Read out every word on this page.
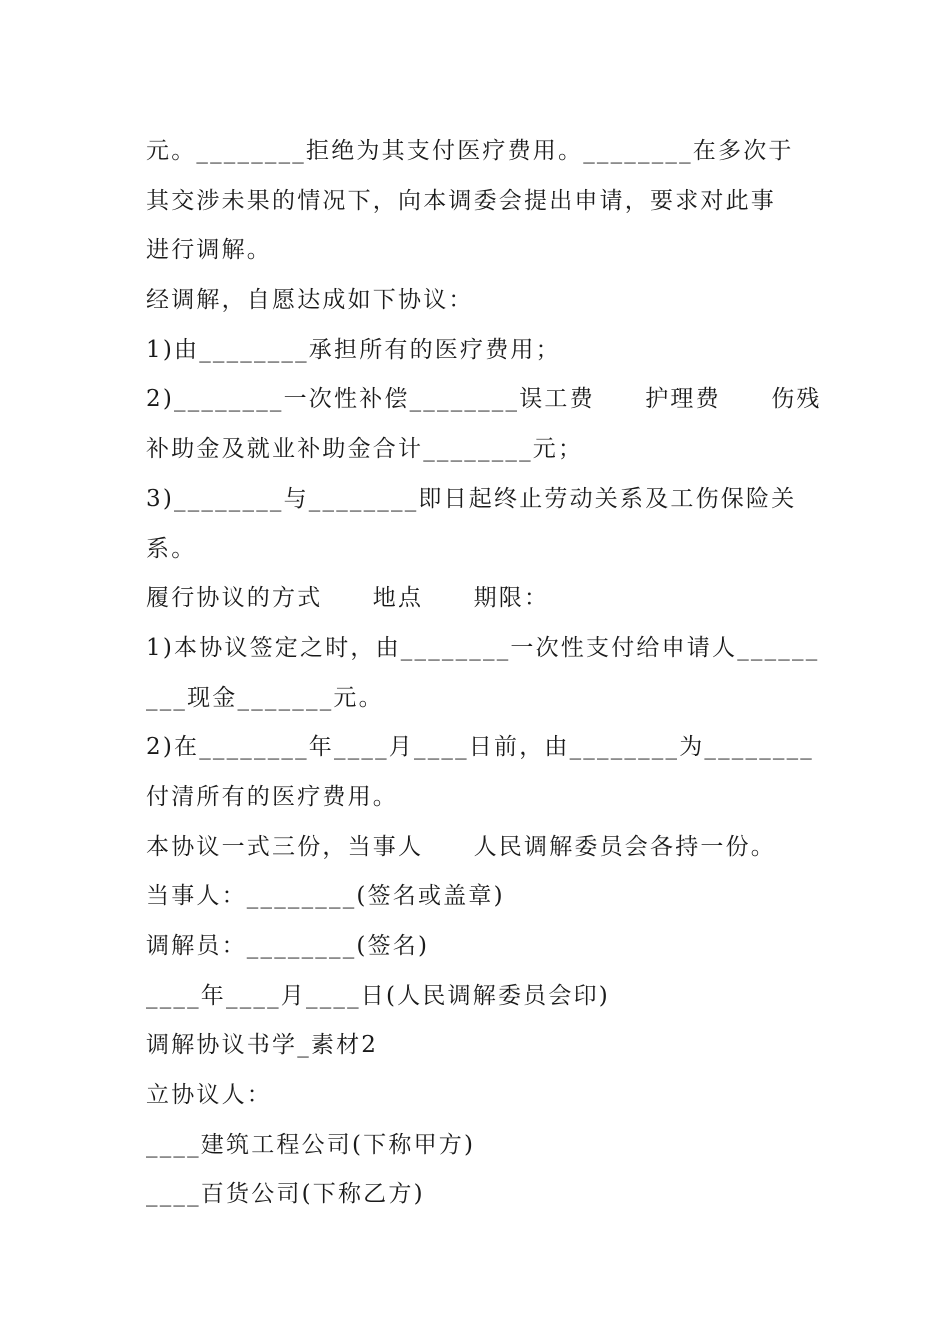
元。________拒绝为其支付医疗费用。________在多次于

其交涉未果的情况下，向本调委会提出申请，要求对此事

进行调解。

经调解，自愿达成如下协议：

1)由________承担所有的医疗费用；

2)________一次性补偿________误工费　　护理费　　伤残

补助金及就业补助金合计________元；

3)________与________即日起终止劳动关系及工伤保险关

系。

履行协议的方式　　地点　　期限：

1)本协议签定之时，由________一次性支付给申请人______

___现金_______元。

2)在________年____月____日前，由________为________

付清所有的医疗费用。

本协议一式三份，当事人　　人民调解委员会各持一份。

当事人：________(签名或盖章)

调解员：________(签名)

____年____月____日(人民调解委员会印)

调解协议书学_素材2

立协议人：

____建筑工程公司(下称甲方)

____百货公司(下称乙方)
